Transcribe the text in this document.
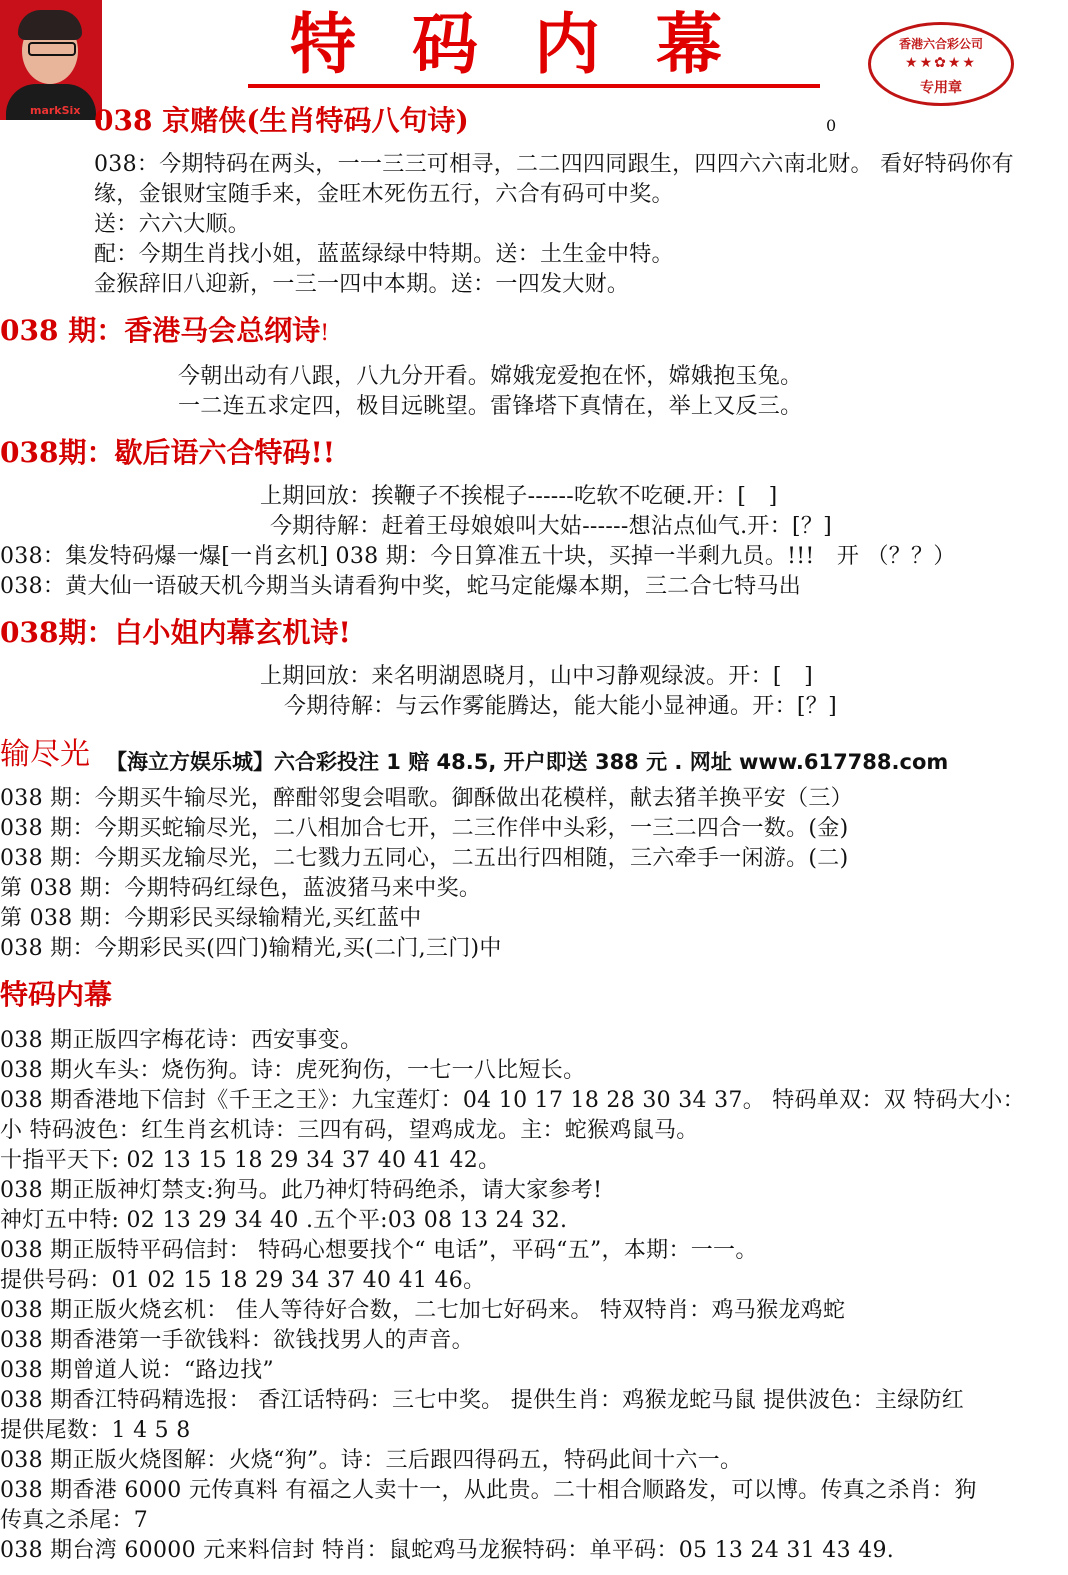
markSix
特码内幕	香港六合彩公司
★★✿★★
专用章
0
038 京赌侠(生肖特码八句诗)
038：今期特码在两头，一一三三可相寻，二二四四同跟生，四四六六南北财。 看好特码你有
缘，金银财宝随手来，金旺木死伤五行，六合有码可中奖。
送：六六大顺。
配：今期生肖找小姐，蓝蓝绿绿中特期。送：土生金中特。
金猴辞旧八迎新，一三一四中本期。送：一四发大财。
038 期：香港马会总纲诗!
今朝出动有八跟，八九分开看。嫦娥宠爱抱在怀，嫦娥抱玉兔。
一二连五求定四，极目远眺望。雷锋塔下真情在，举上又反三。
038期：歇后语六合特码!!
上期回放：挨鞭子不挨棍子------吃软不吃硬.开：[　]
今期待解：赶着王母娘娘叫大姑------想沾点仙气.开：[？]
038：集发特码爆一爆[一肖玄机] 038 期：今日算准五十块，买掉一半剩九员。!!!　开 （？？）
038：黄大仙一语破天机今期当头请看狗中奖，蛇马定能爆本期，三二合七特马出
038期：白小姐内幕玄机诗!
上期回放：来名明湖恩晓月，山中习静观绿波。开：[　]
今期待解：与云作雾能腾达，能大能小显神通。开：[？]
输尽光 【海立方娱乐城】六合彩投注 1 赔 48.5, 开户即送 388 元 . 网址 www.617788.com
038 期：今期买牛输尽光，醉酣邻叟会唱歌。御酥做出花模样，献去猪羊换平安（三）
038 期：今期买蛇输尽光，二八相加合七开，二三作伴中头彩，一三二四合一数。(金)
038 期：今期买龙输尽光，二七戮力五同心，二五出行四相随，三六牵手一闲游。(二)
第 038 期：今期特码红绿色，蓝波猪马来中奖。
第 038 期：今期彩民买绿输精光,买红蓝中
038 期：今期彩民买(四门)输精光,买(二门,三门)中
特码内幕
038 期正版四字梅花诗：西安事变。
038 期火车头：烧伤狗。诗：虎死狗伤，一七一八比短长。
038 期香港地下信封《千王之王》：九宝莲灯：04 10 17 18 28 30 34 37。 特码单双：双 特码大小：
小 特码波色：红生肖玄机诗：三四有码，望鸡成龙。主：蛇猴鸡鼠马。
十指平天下: 02 13 15 18 29 34 37 40 41 42。
038 期正版神灯禁支:狗马。此乃神灯特码绝杀，请大家参考!
神灯五中特: 02 13 29 34 40 .五个平:03 08 13 24 32.
038 期正版特平码信封： 特码心想要找个“ 电话”，平码“五”，本期：一一。
提供号码：01 02 15 18 29 34 37 40 41 46。
038 期正版火烧玄机： 佳人等待好合数，二七加七好码来。 特双特肖：鸡马猴龙鸡蛇
038 期香港第一手欲钱料：欲钱找男人的声音。
038 期曾道人说：“路边找”
038 期香江特码精选报： 香江话特码：三七中奖。 提供生肖：鸡猴龙蛇马鼠 提供波色：主绿防红
提供尾数：1 4 5 8
038 期正版火烧图解：火烧“狗”。诗：三后跟四得码五，特码此间十六一。
038 期香港 6000 元传真料 有福之人卖十一，从此贵。二十相合顺路发，可以博。传真之杀肖：狗
传真之杀尾：7
038 期台湾 60000 元来料信封 特肖：鼠蛇鸡马龙猴特码：单平码：05 13 24 31 43 49.
